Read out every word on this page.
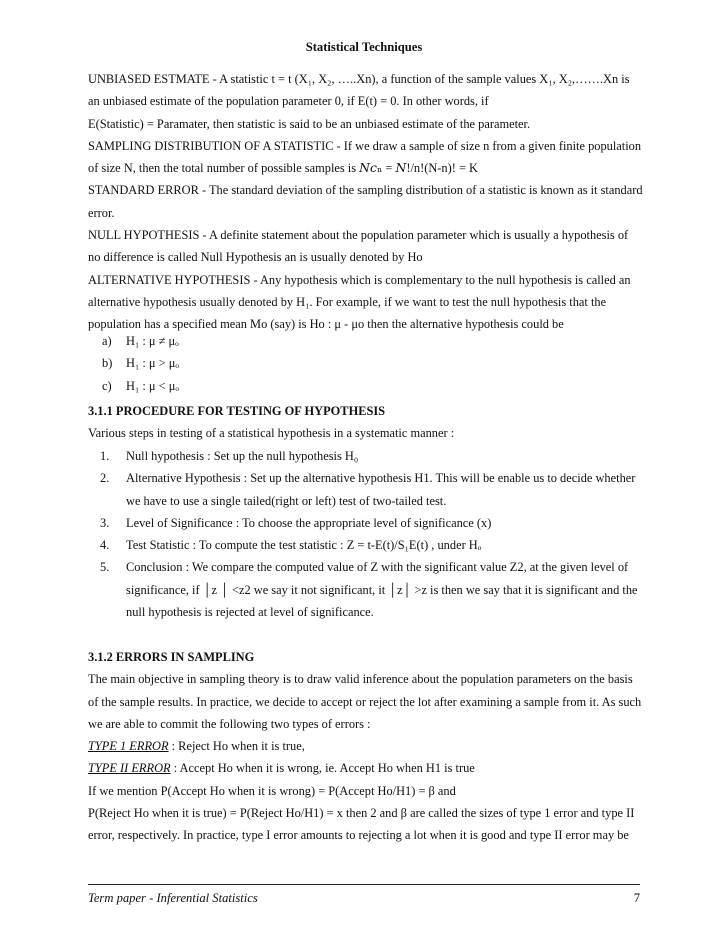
Statistical Techniques
UNBIASED ESTMATE - A statistic t = t (X₁, X₂, …..Xn), a function of the sample values X₁, X₂,…….Xn is
an unbiased estimate of the population parameter 0, if E(t) = 0. In other words, if
E(Statistic) = Paramater, then statistic is said to be an unbiased estimate of the parameter.
SAMPLING DISTRIBUTION OF A STATISTIC - If we draw a sample of size n from a given finite population
of size N, then the total number of possible samples is 𝑁𝑐ₙ = 𝑁!/n!(N-n)! = K
STANDARD ERROR - The standard deviation of the sampling distribution of a statistic is known as it standard
error.
NULL HYPOTHESIS - A definite statement about the population parameter which is usually a hypothesis of
no difference is called Null Hypothesis an is usually denoted by Ho
ALTERNATIVE HYPOTHESIS - Any hypothesis which is complementary to the null hypothesis is called an
alternative hypothesis usually denoted by H₁. For example, if we want to test the null hypothesis that the
population has a specified mean Mo (say) is Ho : μ - μo then the alternative hypothesis could be
a) H₁ : μ ≠ μₒ
b) H₁ : μ > μₒ
c) H₁ : μ < μₒ
3.1.1 PROCEDURE FOR TESTING OF HYPOTHESIS
Various steps in testing of a statistical hypothesis in a systematic manner :
1. Null hypothesis : Set up the null hypothesis H₀
2. Alternative Hypothesis : Set up the alternative hypothesis H1. This will be enable us to decide whether
we have to use a single tailed(right or left) test of two-tailed test.
3. Level of Significance : To choose the appropriate level of significance (x)
4. Test Statistic : To compute the test statistic : Z = t-E(t)/S₁E(t) , under Hₒ
5. Conclusion : We compare the computed value of Z with the significant value Z2, at the given level of
significance, if │z │ <z2 we say it not significant, it │z│ >z is then we say that it is significant and the
null hypothesis is rejected at level of significance.
3.1.2 ERRORS IN SAMPLING
The main objective in sampling theory is to draw valid inference about the population parameters on the basis
of the sample results. In practice, we decide to accept or reject the lot after examining a sample from it. As such
we are able to commit the following two types of errors :
TYPE 1 ERROR : Reject Ho when it is true,
TYPE II ERROR : Accept Ho when it is wrong, ie. Accept Ho when H1 is true
If we mention P(Accept Ho when it is wrong) = P(Accept Ho/H1) = β and
P(Reject Ho when it is true) = P(Reject Ho/H1) = x then 2 and β are called the sizes of type 1 error and type II
error, respectively. In practice, type I error amounts to rejecting a lot when it is good and type II error may be
Term paper - Inferential Statistics	7
